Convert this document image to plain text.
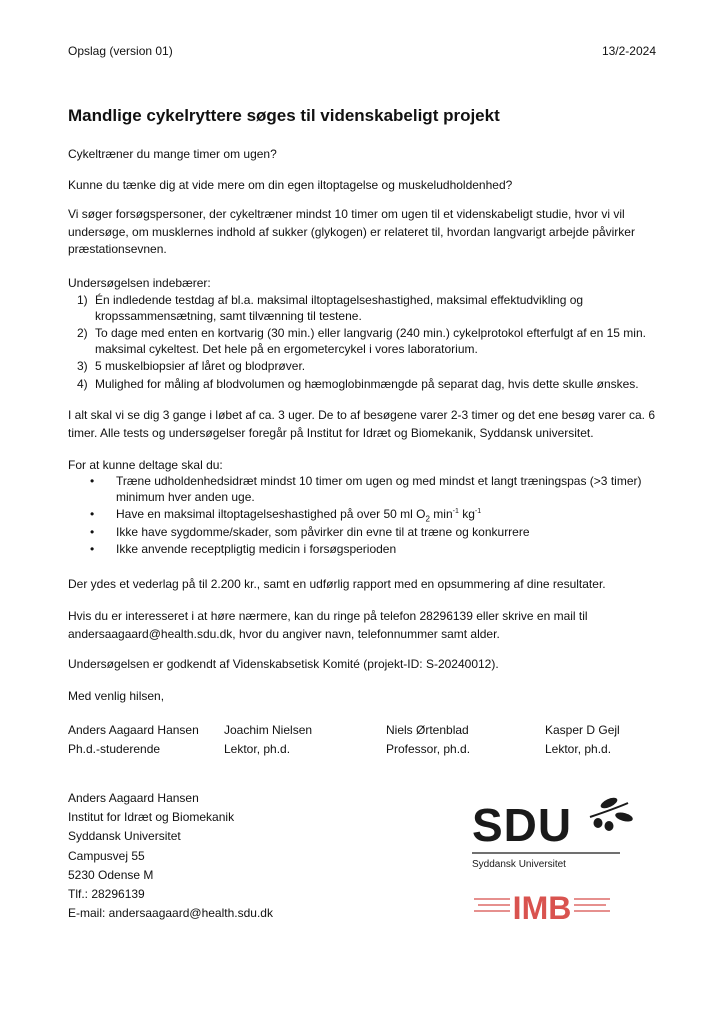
Opslag (version 01)	13/2-2024
Mandlige cykelryttere søges til videnskabeligt projekt

Cykeltræner du mange timer om ugen?

Kunne du tænke dig at vide mere om din egen iltoptagelse og muskeludholdenhed?

Vi søger forsøgspersoner, der cykeltræner mindst 10 timer om ugen til et videnskabeligt studie, hvor vi vil undersøge, om musklernes indhold af sukker (glykogen) er relateret til, hvordan langvarigt arbejde påvirker præstationsevnen.

Undersøgelsen indebærer:

1) Én indledende testdag af bl.a. maksimal iltoptagelseshastighed, maksimal effektudvikling og kropssammensætning, samt tilvænning til testene.
2) To dage med enten en kortvarig (30 min.) eller langvarig (240 min.) cykelprotokol efterfulgt af en 15 min. maksimal cykeltest. Det hele på en ergometercykel i vores laboratorium.
3) 5 muskelbiopsier af låret og blodprøver.
4) Mulighed for måling af blodvolumen og hæmoglobinmængde på separat dag, hvis dette skulle ønskes.

I alt skal vi se dig 3 gange i løbet af ca. 3 uger. De to af besøgene varer 2-3 timer og det ene besøg varer ca. 6 timer. Alle tests og undersøgelser foregår på Institut for Idræt og Biomekanik, Syddansk universitet.

For at kunne deltage skal du:

• Træne udholdenhedsidræt mindst 10 timer om ugen og med mindst et langt træningspas (>3 timer) minimum hver anden uge.
• Have en maksimal iltoptagelseshastighed på over 50 ml $O_2$ $\min^{-1} kg^{-1}$
• Ikke have sygdomme/skader, som påvirker din evne til at træne og konkurrere
• Ikke anvende receptpligtig medicin i forsøgsperioden

Der ydes et vederlag på til 2.200 kr., samt en udførlig rapport med en opsummering af dine resultater.

Hvis du er interesseret i at høre nærmere, kan du ringe på telefon 28296139 eller skrive en mail til andersaagaard@health.sdu.dk, hvor du angiver navn, telefonnummer samt alder.

Undersøgelsen er godkendt af Videnskabsetisk Komité (projekt-ID: S-20240012).

Med venlig hilsen,

Anders Aagaard Hansen
Ph.d.-studerende
Joachim Nielsen
Lektor, ph.d.
Niels Ørtenblad
Professor, ph.d.
Kasper D Gejl
Lektor, ph.d.
Anders Aagaard Hansen
Institut for Idræt og Biomekanik
Syddansk Universitet
Campusvej 55
5230 Odense M
Tlf.: 28296139
E-mail: andersaagaard@health.sdu.dk
SDU
Syddansk Universitet
IMB
